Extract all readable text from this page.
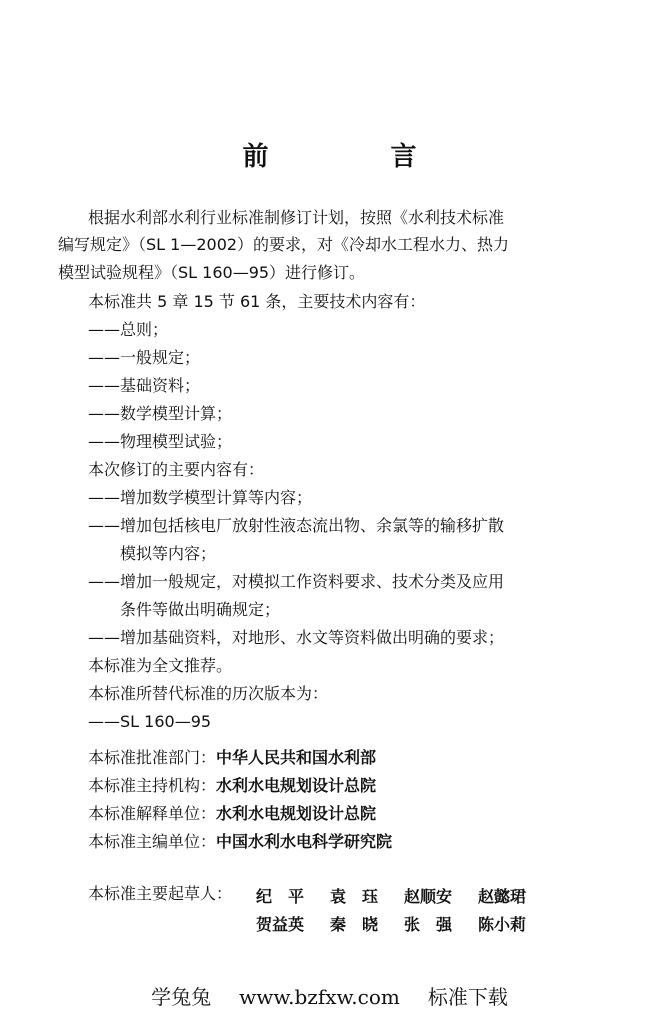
前　言
根据水利部水利行业标准制修订计划，按照《水利技术标准
编写规定》（SL 1—2002）的要求，对《冷却水工程水力、热力
模型试验规程》（SL 160—95）进行修订。
本标准共 5 章 15 节 61 条，主要技术内容有：
——总则；
——一般规定；
——基础资料；
——数学模型计算；
——物理模型试验；
本次修订的主要内容有：
——增加数学模型计算等内容；
——增加包括核电厂放射性液态流出物、余氯等的输移扩散
模拟等内容；
——增加一般规定，对模拟工作资料要求、技术分类及应用
条件等做出明确规定；
——增加基础资料，对地形、水文等资料做出明确的要求；
本标准为全文推荐。
本标准所替代标准的历次版本为：
——SL 160—95
本标准批准部门：中华人民共和国水利部
本标准主持机构：水利水电规划设计总院
本标准解释单位：水利水电规划设计总院
本标准主编单位：中国水利水电科学研究院
本标准主要起草人： 纪　平 袁　珏 赵顺安 赵懿珺
贺益英 秦　晓 张　强 陈小莉
学兔兔 www.bzfxw.com 标准下载
